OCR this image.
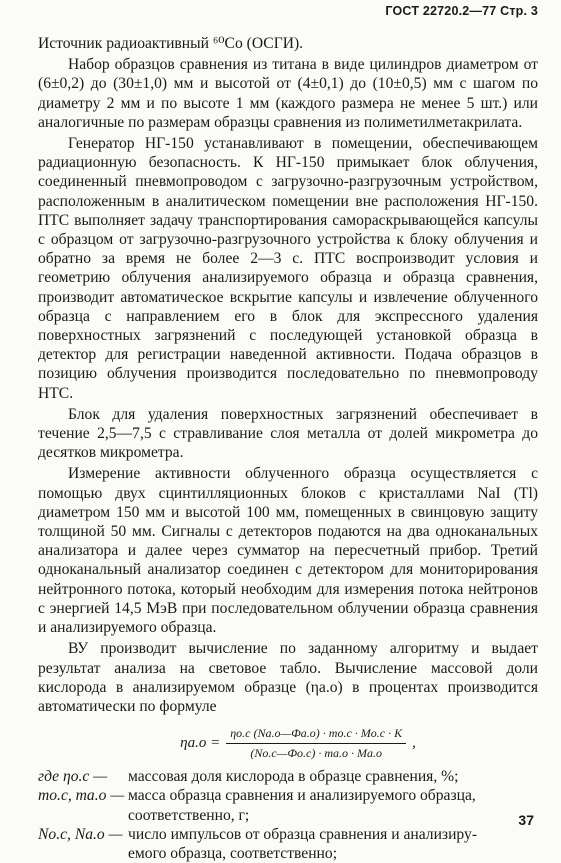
ГОСТ 22720.2—77 Стр. 3

Источник радиоактивный ⁶⁰Co (ОСГИ).

Набор образцов сравнения из титана в виде цилиндров диаметром от (6±0,2) до (30±1,0) мм и высотой от (4±0,1) до (10±0,5) мм с шагом по диаметру 2 мм и по высоте 1 мм (каждого размера не менее 5 шт.) или аналогичные по размерам образцы сравнения из полиметилметакрилата.

Генератор НГ-150 устанавливают в помещении, обеспечивающем радиационную безопасность. К НГ-150 примыкает блок облучения, соединенный пневмопроводом с загрузочно-разгрузочным устройством, расположенным в аналитическом помещении вне расположения НГ-150. ПТС выполняет задачу транспортирования самораскрывающейся капсулы с образцом от загрузочно-разгрузочного устройства к блоку облучения и обратно за время не более 2—3 с. ПТС воспроизводит условия и геометрию облучения анализируемого образца и образца сравнения, производит автоматическое вскрытие капсулы и извлечение облученного образца с направлением его в блок для экспрессного удаления поверхностных загрязнений с последующей установкой образца в детектор для регистрации наведенной активности. Подача образцов в позицию облучения производится последовательно по пневмопроводу НТС.

Блок для удаления поверхностных загрязнений обеспечивает в течение 2,5—7,5 с стравливание слоя металла от долей микрометра до десятков микрометра.

Измерение активности облученного образца осуществляется с помощью двух сцинтилляционных блоков с кристаллами NaI (Tl) диаметром 150 мм и высотой 100 мм, помещенных в свинцовую защиту толщиной 50 мм. Сигналы с детекторов подаются на два одноканальных анализатора и далее через сумматор на пересчетный прибор. Третий одноканальный анализатор соединен с детектором для мониторирования нейтронного потока, который необходим для измерения потока нейтронов с энергией 14,5 МэВ при последовательном облучении образца сравнения и анализируемого образца.

ВУ производит вычисление по заданному алгоритму и выдает результат анализа на световое табло. Вычисление массовой доли кислорода в анализируемом образце (ηа.о) в процентах производится автоматически по формуле

$\eta а.о = \frac{\eta о.с (Nа.о—Фа.о) \cdot mо.с \cdot Mо.с \cdot K}{(Nо.с—Фо.с) \cdot mа.о \cdot Mа.о}$ ,
где ηо.с —	массовая доля кислорода в образце сравнения, %;
mо.с, mа.о — масса образца сравнения и анализируемого образца,
соответственно, г;
Nо.с, Nа.о — число импульсов от образца сравнения и анализиру-
емого образца, соответственно;
37
